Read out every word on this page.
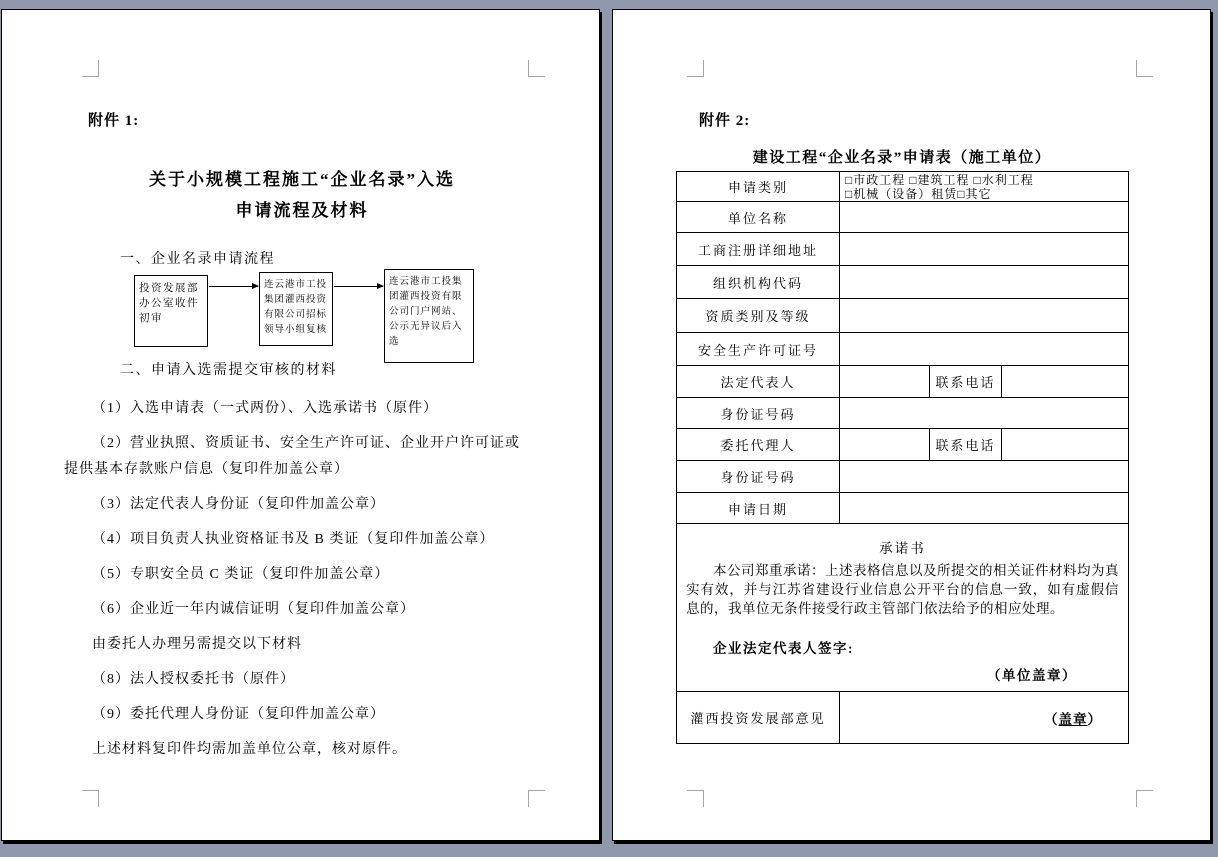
附件 1:
关于小规模工程施工“企业名录”入选
申请流程及材料
一、企业名录申请流程
投资发展部办公室收件初审
连云港市工投集团灌西投资有限公司招标领导小组复核
连云港市工投集团灌西投资有限公司门户网站、公示无异议后入选
二、申请入选需提交审核的材料

（1）入选申请表（一式两份）、入选承诺书（原件）

（2）营业执照、资质证书、安全生产许可证、企业开户许可证或提供基本存款账户信息（复印件加盖公章）

（3）法定代表人身份证（复印件加盖公章）

（4）项目负责人执业资格证书及 B 类证（复印件加盖公章）

（5）专职安全员 C 类证（复印件加盖公章）

（6）企业近一年内诚信证明（复印件加盖公章）

由委托人办理另需提交以下材料

（8）法人授权委托书（原件）

（9）委托代理人身份证（复印件加盖公章）

上述材料复印件均需加盖单位公章，核对原件。

附件 2:
建设工程“企业名录”申请表（施工单位）
申请类别	□市政工程 □建筑工程 □水利工程
□机械（设备）租赁□其它		

单位名称			
工商注册详细地址			
组织机构代码			
资质类别及等级			
安全生产许可证号			
法定代表人		联系电话	
身份证号码			
委托代理人		联系电话	
身份证号码			
申请日期			

承诺书
本公司郑重承诺：上述表格信息以及所提交的相关证件材料均为真实有效，并与江苏省建设行业信息公开平台的信息一致，如有虚假信息的，我单位无条件接受行政主管部门依法给予的相应处理。
企业法定代表人签字:
（单位盖章）			

灌西投资发展部意见	（盖章）		
